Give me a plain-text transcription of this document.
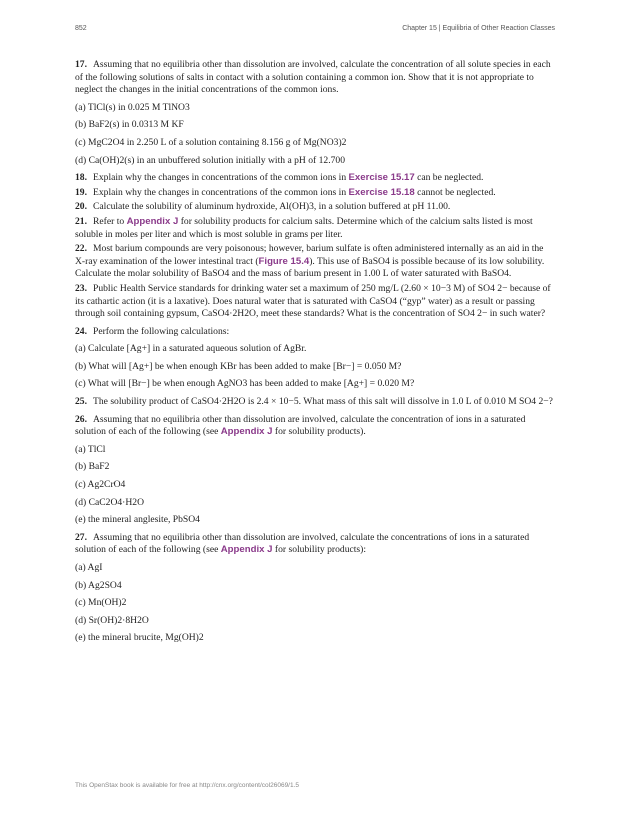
852	Chapter 15 | Equilibria of Other Reaction Classes

17. Assuming that no equilibria other than dissolution are involved, calculate the concentration of all solute species in each of the following solutions of salts in contact with a solution containing a common ion. Show that it is not appropriate to neglect the changes in the initial concentrations of the common ions.

(a) TlCl(s) in 0.025 M TlNO3

(b) BaF2(s) in 0.0313 M KF

(c) MgC2O4 in 2.250 L of a solution containing 8.156 g of Mg(NO3)2

(d) Ca(OH)2(s) in an unbuffered solution initially with a pH of 12.700

18. Explain why the changes in concentrations of the common ions in Exercise 15.17 can be neglected.

19. Explain why the changes in concentrations of the common ions in Exercise 15.18 cannot be neglected.

20. Calculate the solubility of aluminum hydroxide, Al(OH)3, in a solution buffered at pH 11.00.

21. Refer to Appendix J for solubility products for calcium salts. Determine which of the calcium salts listed is most soluble in moles per liter and which is most soluble in grams per liter.

22. Most barium compounds are very poisonous; however, barium sulfate is often administered internally as an aid in the X-ray examination of the lower intestinal tract (Figure 15.4). This use of BaSO4 is possible because of its low solubility. Calculate the molar solubility of BaSO4 and the mass of barium present in 1.00 L of water saturated with BaSO4.

23. Public Health Service standards for drinking water set a maximum of 250 mg/L (2.60 × 10−3 M) of SO4 2− because of its cathartic action (it is a laxative). Does natural water that is saturated with CaSO4 (“gyp” water) as a result or passing through soil containing gypsum, CaSO4·2H2O, meet these standards? What is the concentration of SO4 2− in such water?

24. Perform the following calculations:

(a) Calculate [Ag+] in a saturated aqueous solution of AgBr.

(b) What will [Ag+] be when enough KBr has been added to make [Br−] = 0.050 M?

(c) What will [Br−] be when enough AgNO3 has been added to make [Ag+] = 0.020 M?

25. The solubility product of CaSO4·2H2O is 2.4 × 10−5. What mass of this salt will dissolve in 1.0 L of 0.010 M SO4 2−?

26. Assuming that no equilibria other than dissolution are involved, calculate the concentration of ions in a saturated solution of each of the following (see Appendix J for solubility products).

(a) TlCl

(b) BaF2

(c) Ag2CrO4

(d) CaC2O4·H2O

(e) the mineral anglesite, PbSO4

27. Assuming that no equilibria other than dissolution are involved, calculate the concentrations of ions in a saturated solution of each of the following (see Appendix J for solubility products):

(a) AgI

(b) Ag2SO4

(c) Mn(OH)2

(d) Sr(OH)2·8H2O

(e) the mineral brucite, Mg(OH)2

This OpenStax book is available for free at http://cnx.org/content/col26069/1.5
